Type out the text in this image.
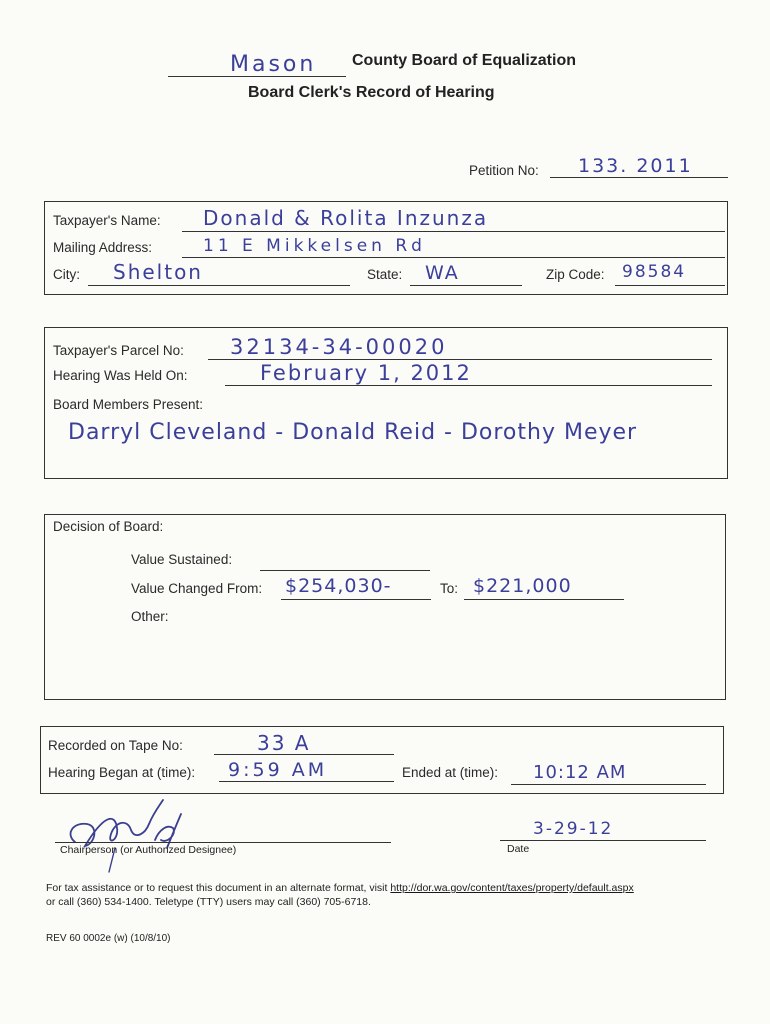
Mason County Board of Equalization
Board Clerk's Record of Hearing
Petition No: 133. 2011
Taxpayer's Name: Donald & Rolita Inzunza
Mailing Address:	11 E Mikkelsen Rd
City: Shelton	State: WA	Zip Code: 98584
Taxpayer's Parcel No: 32134-34-00020
Hearing Was Held On:	February 1, 2012
Board Members Present:
Darryl Cleveland - Donald Reid - Dorothy Meyer
Decision of Board:
Value Sustained:
Value Changed From: $254,030-	To: $221,000
Other:
Recorded on Tape No:	33 A
Hearing Began at (time): 9:59 AM	Ended at (time): 10:12 AM
Chairperson (or Authorized Designee)
3-29-12
Date
For tax assistance or to request this document in an alternate format, visit http://dor.wa.gov/content/taxes/property/default.aspx
or call (360) 534-1400. Teletype (TTY) users may call (360) 705-6718.
REV 60 0002e (w) (10/8/10)
